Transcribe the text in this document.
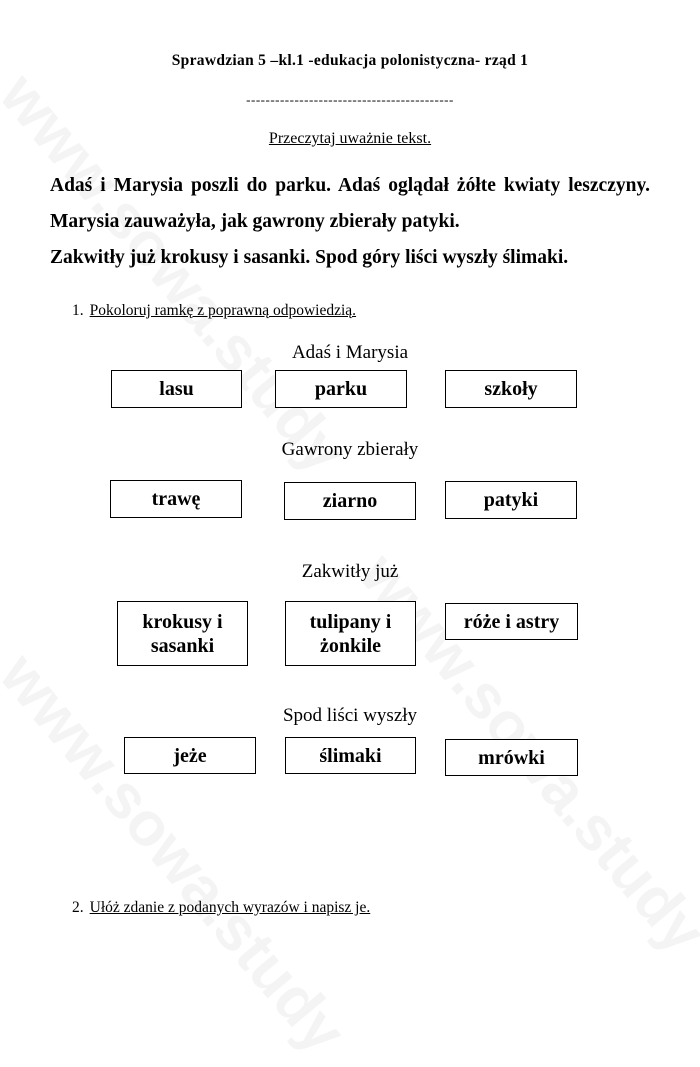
Sprawdzian 5 –kl.1 -edukacja polonistyczna- rząd 1
-------------------------------------------
Przeczytaj uważnie tekst.

Adaś i Marysia poszli do parku. Adaś oglądał żółte kwiaty leszczyny. Marysia zauważyła, jak gawrony zbierały patyki.

Zakwitły już krokusy i sasanki. Spod góry liści wyszły ślimaki.

1. Pokoloruj ramkę z poprawną odpowiedzią.
Adaś i Marysia
lasu	parku	szkoły
Gawrony zbierały
trawę	ziarno	patyki
Zakwitły już
krokusy i sasanki
tulipany i żonkile
róże i astry
Spod liści wyszły
jeże	ślimaki	mrówki
2. Ułóż zdanie z podanych wyrazów i napisz je.
